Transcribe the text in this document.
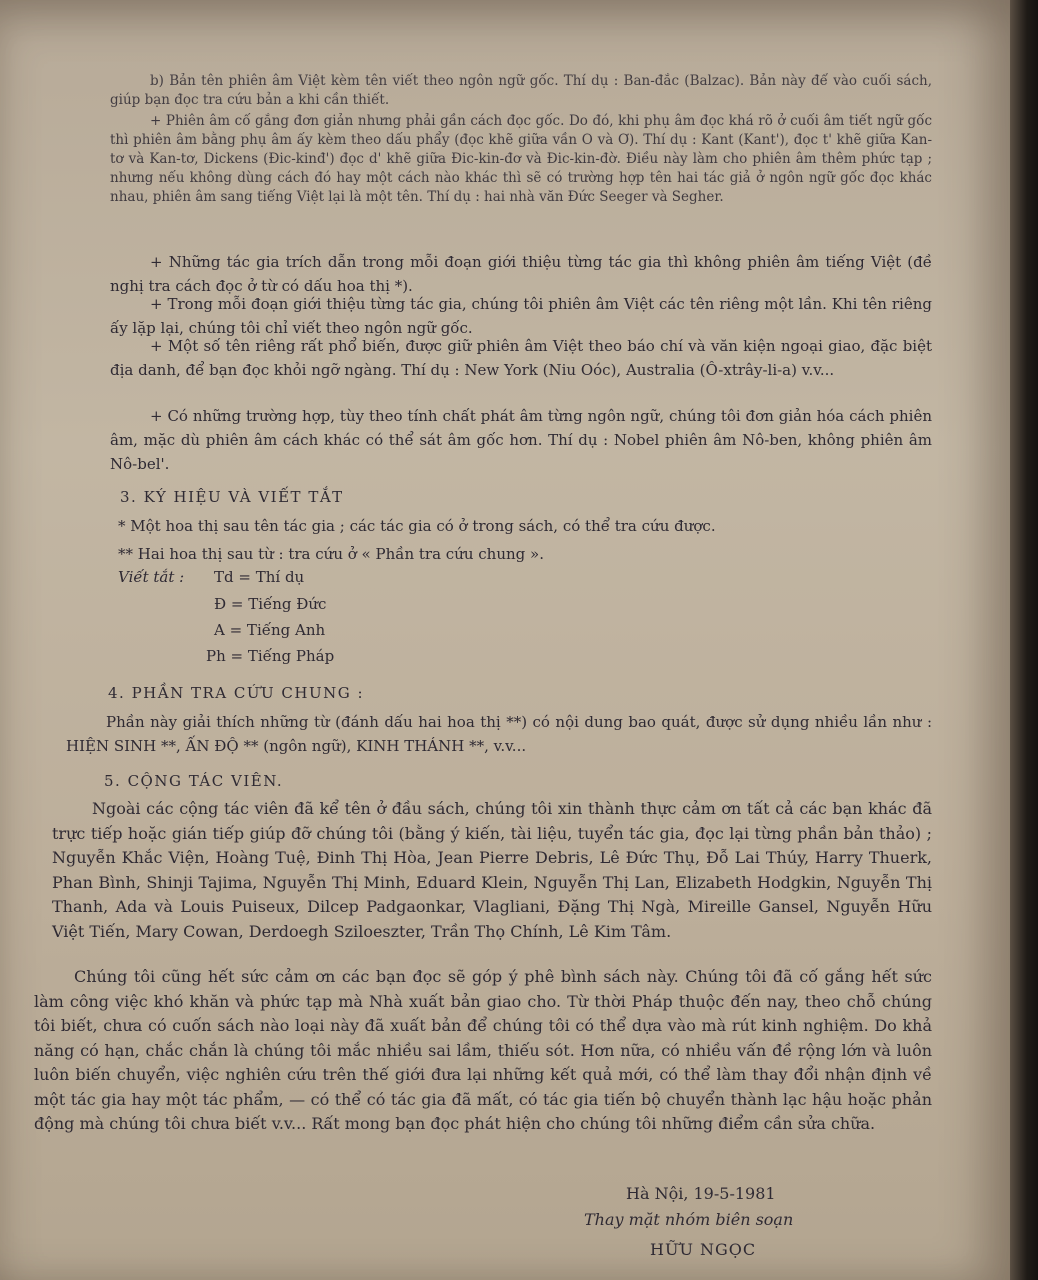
b) Bản tên phiên âm Việt kèm tên viết theo ngôn ngữ gốc. Thí dụ : Ban-đắc (Balzac). Bản này để vào cuối sách, giúp bạn đọc tra cứu bản a khi cần thiết.

+ Phiên âm cố gắng đơn giản nhưng phải gần cách đọc gốc. Do đó, khi phụ âm đọc khá rõ ở cuối âm tiết ngữ gốc thì phiên âm bằng phụ âm ấy kèm theo dấu phẩy (đọc khẽ giữa vần O và Ơ). Thí dụ : Kant (Kant'), đọc t' khẽ giữa Kan-tơ và Kan-tơ, Dickens (Đic-kinđ') đọc d' khẽ giữa Đic-kin-đơ và Đic-kin-đờ. Điều này làm cho phiên âm thêm phức tạp ; nhưng nếu không dùng cách đó hay một cách nào khác thì sẽ có trường hợp tên hai tác giả ở ngôn ngữ gốc đọc khác nhau, phiên âm sang tiếng Việt lại là một tên. Thí dụ : hai nhà văn Đức Seeger và Segher.

+ Những tác gia trích dẫn trong mỗi đoạn giới thiệu từng tác gia thì không phiên âm tiếng Việt (đề nghị tra cách đọc ở từ có dấu hoa thị *).

+ Trong mỗi đoạn giới thiệu từng tác gia, chúng tôi phiên âm Việt các tên riêng một lần. Khi tên riêng ấy lặp lại, chúng tôi chỉ viết theo ngôn ngữ gốc.

+ Một số tên riêng rất phổ biến, được giữ phiên âm Việt theo báo chí và văn kiện ngoại giao, đặc biệt địa danh, để bạn đọc khỏi ngỡ ngàng. Thí dụ : New York (Niu Oóc), Australia (Ô-xtrây-li-a) v.v...

+ Có những trường hợp, tùy theo tính chất phát âm từng ngôn ngữ, chúng tôi đơn giản hóa cách phiên âm, mặc dù phiên âm cách khác có thể sát âm gốc hơn. Thí dụ : Nobel phiên âm Nô-ben, không phiên âm Nô-bel'.

3. KÝ HIỆU VÀ VIẾT TẮT
* Một hoa thị sau tên tác gia ; các tác gia có ở trong sách, có thể tra cứu được.
** Hai hoa thị sau từ : tra cứu ở « Phần tra cứu chung ».
Viết tắt : Td = Thí dụ
Đ = Tiếng Đức
A = Tiếng Anh
Ph = Tiếng Pháp
4. PHẦN TRA CỨU CHUNG :

Phần này giải thích những từ (đánh dấu hai hoa thị **) có nội dung bao quát, được sử dụng nhiều lần như : HIỆN SINH **, ẤN ĐỘ ** (ngôn ngữ), KINH THÁNH **, v.v...

5. CỘNG TÁC VIÊN.

Ngoài các cộng tác viên đã kể tên ở đầu sách, chúng tôi xin thành thực cảm ơn tất cả các bạn khác đã trực tiếp hoặc gián tiếp giúp đỡ chúng tôi (bằng ý kiến, tài liệu, tuyển tác gia, đọc lại từng phần bản thảo) ; Nguyễn Khắc Viện, Hoàng Tuệ, Đinh Thị Hòa, Jean Pierre Debris, Lê Đức Thụ, Đỗ Lai Thúy, Harry Thuerk, Phan Bình, Shinji Tajima, Nguyễn Thị Minh, Eduard Klein, Nguyễn Thị Lan, Elizabeth Hodgkin, Nguyễn Thị Thanh, Ada và Louis Puiseux, Dilcep Padgaonkar, Vlagliani, Đặng Thị Ngà, Mireille Gansel, Nguyễn Hữu Việt Tiến, Mary Cowan, Derdoegh Sziloeszter, Trần Thọ Chính, Lê Kim Tâm.

Chúng tôi cũng hết sức cảm ơn các bạn đọc sẽ góp ý phê bình sách này. Chúng tôi đã cố gắng hết sức làm công việc khó khăn và phức tạp mà Nhà xuất bản giao cho. Từ thời Pháp thuộc đến nay, theo chỗ chúng tôi biết, chưa có cuốn sách nào loại này đã xuất bản để chúng tôi có thể dựa vào mà rút kinh nghiệm. Do khả năng có hạn, chắc chắn là chúng tôi mắc nhiều sai lầm, thiếu sót. Hơn nữa, có nhiều vấn đề rộng lớn và luôn luôn biến chuyển, việc nghiên cứu trên thế giới đưa lại những kết quả mới, có thể làm thay đổi nhận định về một tác gia hay một tác phẩm, — có thể có tác gia đã mất, có tác gia tiến bộ chuyển thành lạc hậu hoặc phản động mà chúng tôi chưa biết v.v... Rất mong bạn đọc phát hiện cho chúng tôi những điểm cần sửa chữa.

Hà Nội, 19-5-1981
Thay mặt nhóm biên soạn
HỮU NGỌC
